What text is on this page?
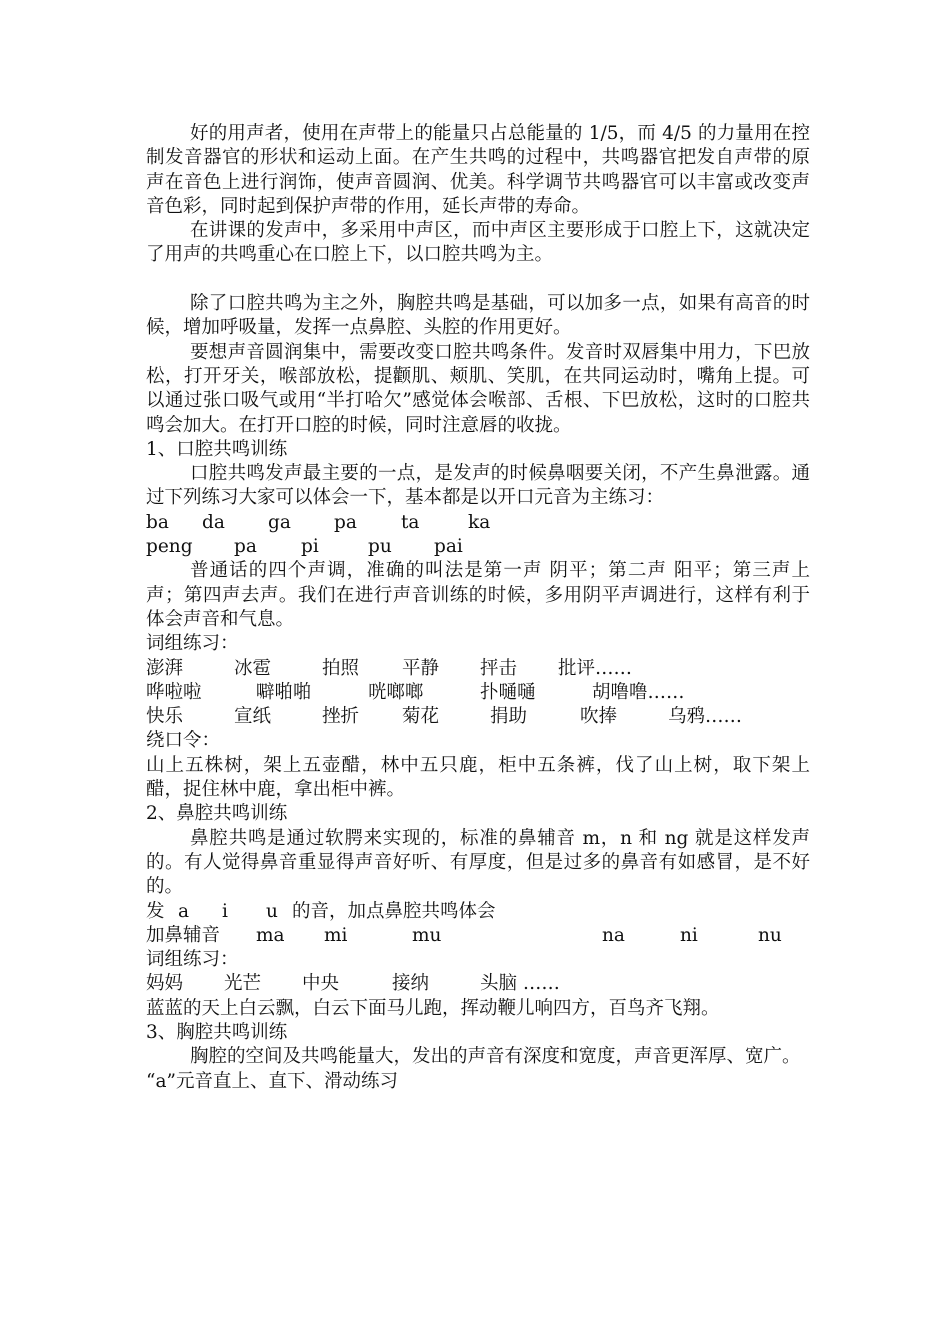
好的用声者，使用在声带上的能量只占总能量的 1/5，而 4/5 的力量用在控制发音器官的形状和运动上面。在产生共鸣的过程中，共鸣器官把发自声带的原声在音色上进行润饰，使声音圆润、优美。科学调节共鸣器官可以丰富或改变声音色彩，同时起到保护声带的作用，延长声带的寿命。

在讲课的发声中，多采用中声区，而中声区主要形成于口腔上下，这就决定了用声的共鸣重心在口腔上下，以口腔共鸣为主。

除了口腔共鸣为主之外，胸腔共鸣是基础，可以加多一点，如果有高音的时候，增加呼吸量，发挥一点鼻腔、头腔的作用更好。

要想声音圆润集中，需要改变口腔共鸣条件。发音时双唇集中用力，下巴放松，打开牙关，喉部放松，提颧肌、颊肌、笑肌，在共同运动时，嘴角上提。可以通过张口吸气或用“半打哈欠”感觉体会喉部、舌根、下巴放松，这时的口腔共鸣会加大。在打开口腔的时候，同时注意唇的收拢。

1、口腔共鸣训练

口腔共鸣发声最主要的一点，是发声的时候鼻咽要关闭，不产生鼻泄露。通过下列练习大家可以体会一下，基本都是以开口元音为主练习：

ba da ga pa ta	ka
peng pa pi	pu pai

普通话的四个声调，准确的叫法是第一声 阴平；第二声 阳平；第三声上声；第四声去声。我们在进行声音训练的时候，多用阴平声调进行，这样有利于体会声音和气息。

词组练习：

澎湃	冰雹	拍照 平静 抨击 批评……
哗啦啦	噼啪啪	咣啷啷	扑嗵嗵	胡噜噜……
快乐	宣纸	挫折 菊花	捐助	吹捧	乌鸦……

绕口令：

山上五株树，架上五壶醋，林中五只鹿，柜中五条裤，伐了山上树，取下架上醋，捉住林中鹿，拿出柜中裤。

2、鼻腔共鸣训练

鼻腔共鸣是通过软腭来实现的，标准的鼻辅音 m，n 和 ng 就是这样发声的。有人觉得鼻音重显得声音好听、有厚度，但是过多的鼻音有如感冒，是不好的。

发 a i u 的音，加点鼻腔共鸣体会
加鼻辅音 ma mi	mu	na	ni	nu

词组练习：

妈妈 光芒 中央	接纳	头脑 ……

蓝蓝的天上白云飘，白云下面马儿跑，挥动鞭儿响四方，百鸟齐飞翔。

3、胸腔共鸣训练

胸腔的空间及共鸣能量大，发出的声音有深度和宽度，声音更浑厚、宽广。

“a”元音直上、直下、滑动练习
